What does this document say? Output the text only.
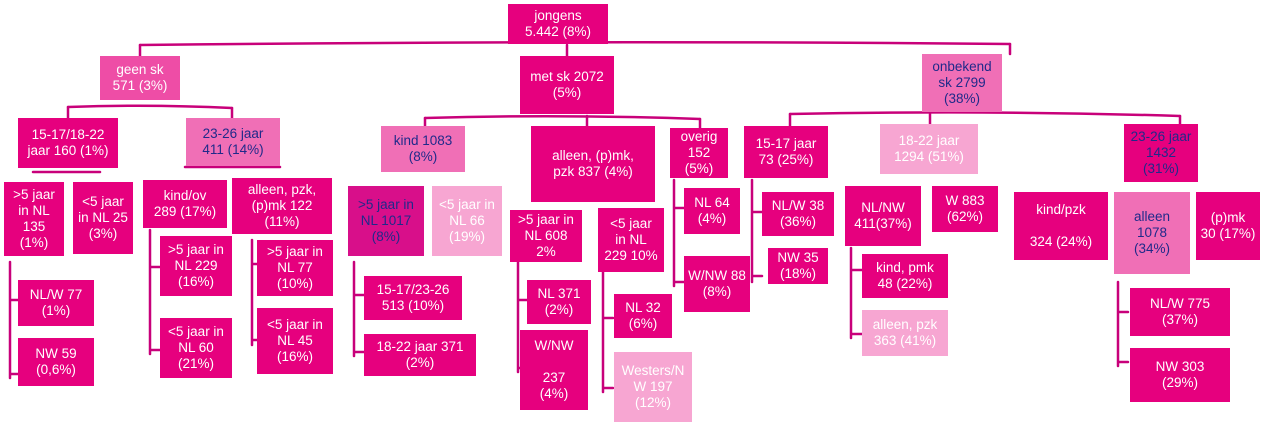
jongens
5.442 (8%)
geen sk
571 (3%)
met sk 2072
(5%)
onbekend
sk 2799
(38%)
15-17/18-22
jaar 160 (1%)
23-26 jaar
411 (14%)
>5 jaar
in NL
135
(1%)
<5 jaar
in NL 25
(3%)
NL/W 77
(1%)
NW 59
(0,6%)
kind/ov
289 (17%)
alleen, pzk,
(p)mk 122
(11%)
>5 jaar in
NL 229
(16%)
<5 jaar in
NL 60
(21%)
>5 jaar in
NL 77
(10%)
<5 jaar in
NL 45
(16%)
kind 1083
(8%)
>5 jaar in
NL 1017
(8%)
<5 jaar in
NL 66
(19%)
15-17/23-26
513 (10%)
18-22 jaar 371
(2%)
alleen, (p)mk,
pzk 837 (4%)
>5 jaar in
NL 608
2%
<5 jaar
in NL
229 10%
NL 371
(2%)
W/NW

237
(4%)
NL 32
(6%)
Westers/N
W 197
(12%)
overig
152
(5%)
NL 64
(4%)
W/NW 88
(8%)
15-17 jaar
73 (25%)
NL/W 38
(36%)
NW 35
(18%)
18-22 jaar
1294 (51%)
NL/NW
411(37%)
W 883
(62%)
kind, pmk
48 (22%)
alleen, pzk
363 (41%)
23-26 jaar
1432
(31%)
kind/pzk

324 (24%)
alleen
1078
(34%)
(p)mk
30 (17%)
NL/W 775
(37%)
NW 303
(29%)
